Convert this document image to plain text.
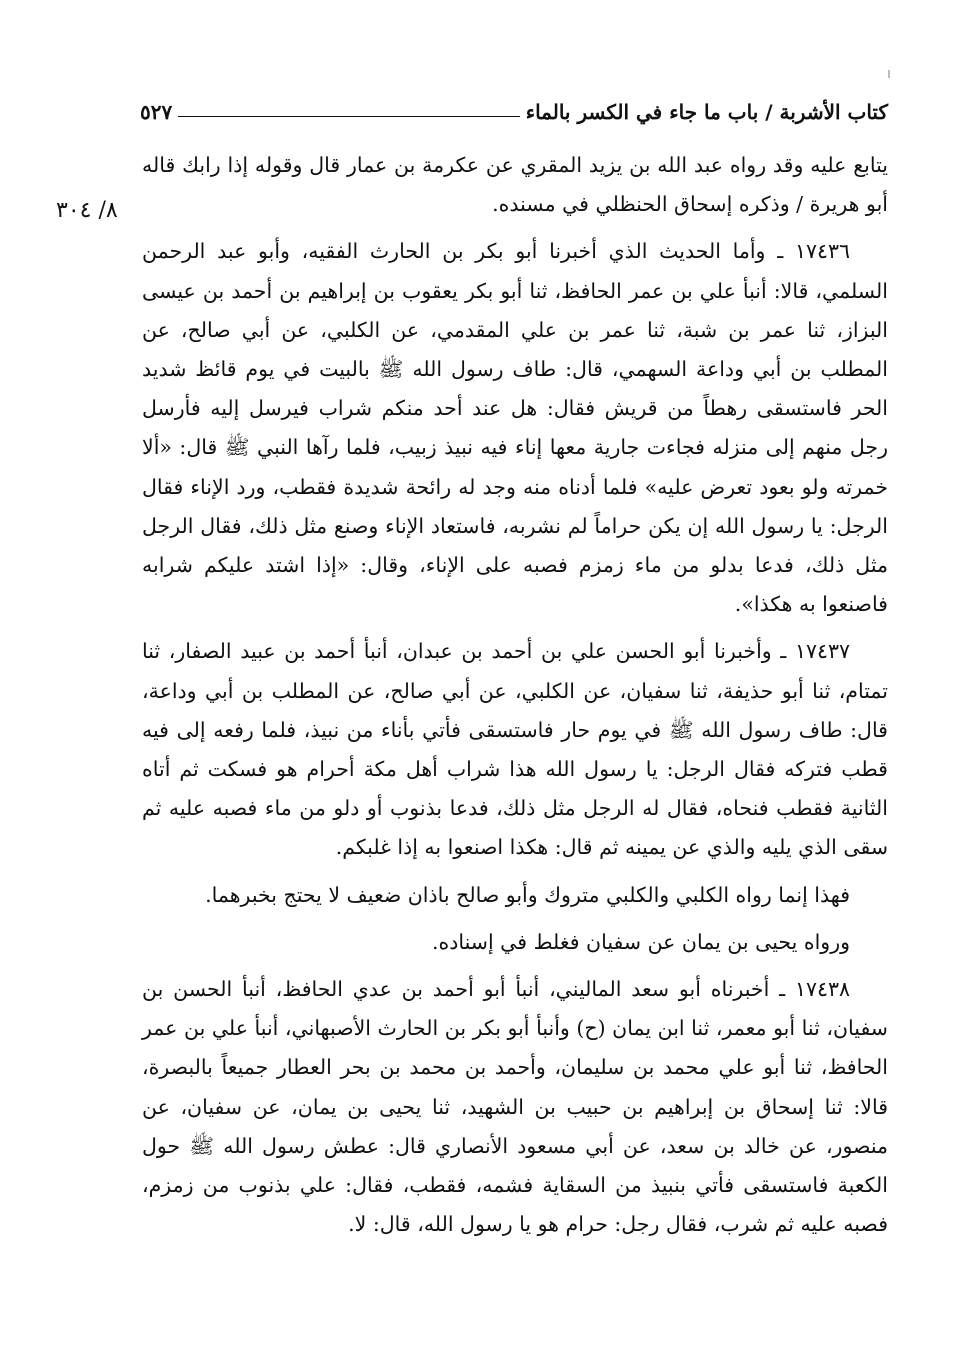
كتاب الأشربة / باب ما جاء في الكسر بالماء
٥٢٧
٨/ ٣٠٤

يتابع عليه وقد رواه عبد الله بن يزيد المقري عن عكرمة بن عمار قال وقوله إذا رابك قاله أبو هريرة / وذكره إسحاق الحنظلي في مسنده.

١٧٤٣٦ ـ وأما الحديث الذي أخبرنا أبو بكر بن الحارث الفقيه، وأبو عبد الرحمن السلمي، قالا: أنبأ علي بن عمر الحافظ، ثنا أبو بكر يعقوب بن إبراهيم بن أحمد بن عيسى البزاز، ثنا عمر بن شبة، ثنا عمر بن علي المقدمي، عن الكلبي، عن أبي صالح، عن المطلب بن أبي وداعة السهمي، قال: طاف رسول الله ﷺ بالبيت في يوم قائظ شديد الحر فاستسقى رهطاً من قريش فقال: هل عند أحد منكم شراب فيرسل إليه فأرسل رجل منهم إلى منزله فجاءت جارية معها إناء فيه نبيذ زبيب، فلما رآها النبي ﷺ قال: «ألا خمرته ولو بعود تعرض عليه» فلما أدناه منه وجد له رائحة شديدة فقطب، ورد الإناء فقال الرجل: يا رسول الله إن يكن حراماً لم نشربه، فاستعاد الإناء وصنع مثل ذلك، فقال الرجل مثل ذلك، فدعا بدلو من ماء زمزم فصبه على الإناء، وقال: «إذا اشتد عليكم شرابه فاصنعوا به هكذا».

١٧٤٣٧ ـ وأخبرنا أبو الحسن علي بن أحمد بن عبدان، أنبأ أحمد بن عبيد الصفار، ثنا تمتام، ثنا أبو حذيفة، ثنا سفيان، عن الكلبي، عن أبي صالح، عن المطلب بن أبي وداعة، قال: طاف رسول الله ﷺ في يوم حار فاستسقى فأتي بأناء من نبيذ، فلما رفعه إلى فيه قطب فتركه فقال الرجل: يا رسول الله هذا شراب أهل مكة أحرام هو فسكت ثم أتاه الثانية فقطب فنحاه، فقال له الرجل مثل ذلك، فدعا بذنوب أو دلو من ماء فصبه عليه ثم سقى الذي يليه والذي عن يمينه ثم قال: هكذا اصنعوا به إذا غلبكم.

فهذا إنما رواه الكلبي والكلبي متروك وأبو صالح باذان ضعيف لا يحتج بخبرهما.

ورواه يحيى بن يمان عن سفيان فغلط في إسناده.

١٧٤٣٨ ـ أخبرناه أبو سعد الماليني، أنبأ أبو أحمد بن عدي الحافظ، أنبأ الحسن بن سفيان، ثنا أبو معمر، ثنا ابن يمان (ح) وأنبأ أبو بكر بن الحارث الأصبهاني، أنبأ علي بن عمر الحافظ، ثنا أبو علي محمد بن سليمان، وأحمد بن محمد بن بحر العطار جميعاً بالبصرة، قالا: ثنا إسحاق بن إبراهيم بن حبيب بن الشهيد، ثنا يحيى بن يمان، عن سفيان، عن منصور، عن خالد بن سعد، عن أبي مسعود الأنصاري قال: عطش رسول الله ﷺ حول الكعبة فاستسقى فأتي بنبيذ من السقاية فشمه، فقطب، فقال: علي بذنوب من زمزم، فصبه عليه ثم شرب، فقال رجل: حرام هو يا رسول الله، قال: لا.
